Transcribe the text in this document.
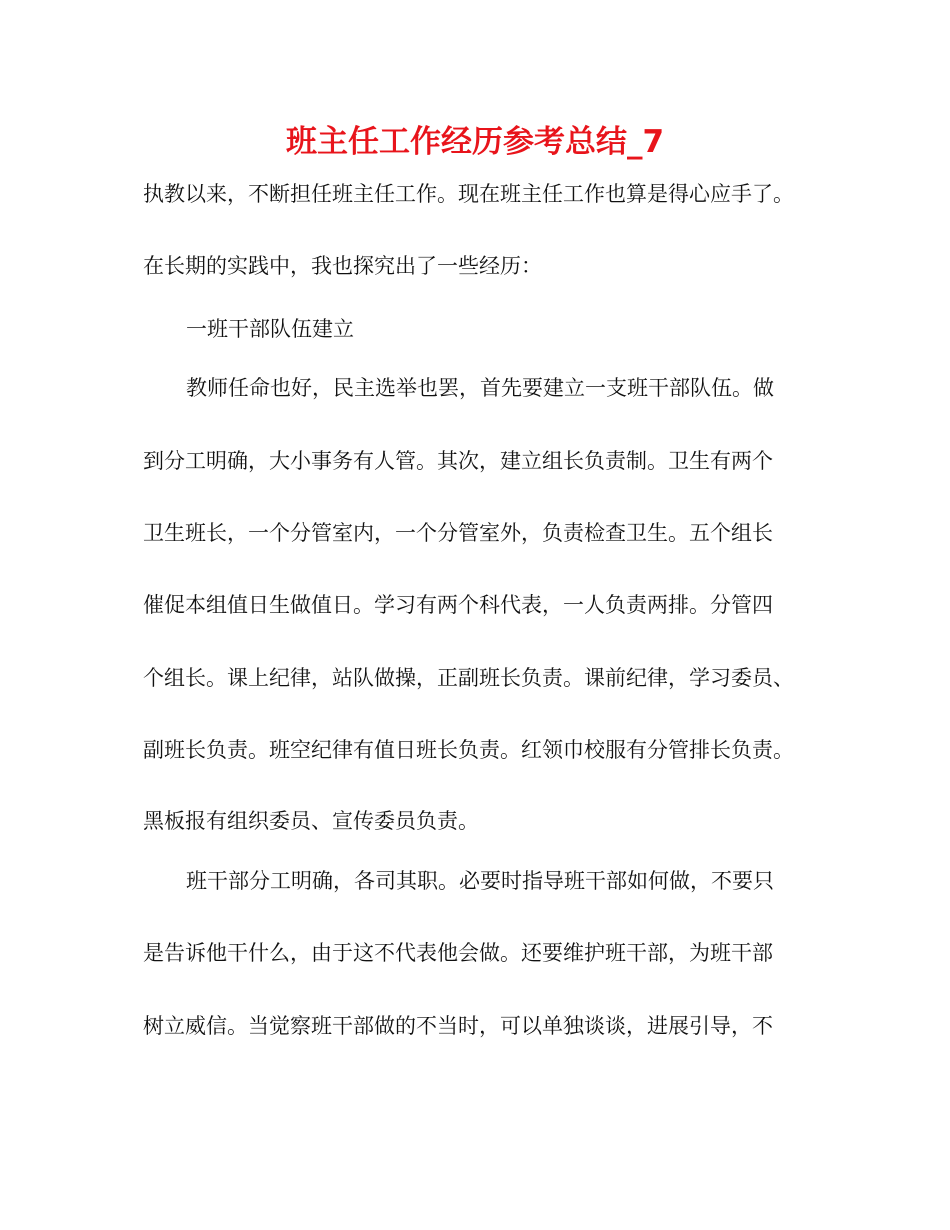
班主任工作经历参考总结_7

执教以来，不断担任班主任工作。现在班主任工作也算是得心应手了。

在长期的实践中，我也探究出了一些经历：

一班干部队伍建立

教师任命也好，民主选举也罢，首先要建立一支班干部队伍。做

到分工明确，大小事务有人管。其次，建立组长负责制。卫生有两个

卫生班长，一个分管室内，一个分管室外，负责检查卫生。五个组长

催促本组值日生做值日。学习有两个科代表，一人负责两排。分管四

个组长。课上纪律，站队做操，正副班长负责。课前纪律，学习委员、

副班长负责。班空纪律有值日班长负责。红领巾校服有分管排长负责。

黑板报有组织委员、宣传委员负责。

班干部分工明确，各司其职。必要时指导班干部如何做，不要只

是告诉他干什么，由于这不代表他会做。还要维护班干部，为班干部

树立威信。当觉察班干部做的不当时，可以单独谈谈，进展引导，不
